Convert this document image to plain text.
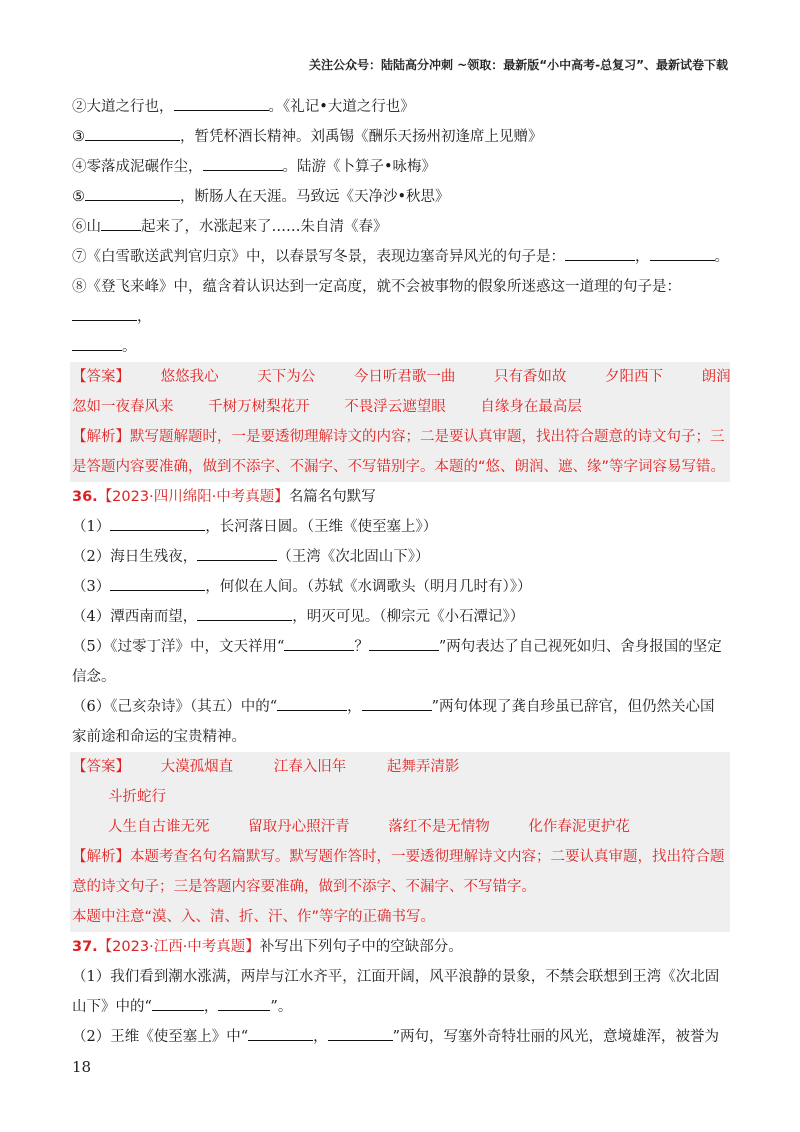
关注公众号：陆陆高分冲刺 ~领取：最新版“小中高考-总复习”、最新试卷下载
②大道之行也，	。《礼记•大道之行也》
③	，暂凭杯酒长精神。刘禹锡《酬乐天扬州初逢席上见赠》
④零落成泥碾作尘，	。陆游《卜算子•咏梅》
⑤	，断肠人在天涯。马致远《天净沙•秋思》
⑥山	起来了，水涨起来了……朱自清《春》
⑦《白雪歌送武判官归京》中，以春景写冬景，表现边塞奇异风光的句子是：	，	。
⑧《登飞来峰》中，蕴含着认识达到一定高度，就不会被事物的假象所迷惑这一道理的句子是：，
。
【答案】 悠悠我心	天下为公	今日听君歌一曲	只有香如故	夕阳西下	朗润
忽如一夜春风来 千树万树梨花开 不畏浮云遮望眼 自缘身在最高层
【解析】默写题解题时，一是要透彻理解诗文的内容；二是要认真审题，找出符合题意的诗文句子；三是答题内容要准确，做到不添字、不漏字、不写错别字。本题的“悠、朗润、遮、缘”等字词容易写错。
36.【2023·四川绵阳·中考真题】名篇名句默写
（1）	，长河落日圆。（王维《使至塞上》）
（2）海日生残夜，	（王湾《次北固山下》）
（3）	，何似在人间。（苏轼《水调歌头（明月几时有）》）
（4）潭西南而望，	，明灭可见。（柳宗元《小石潭记》）
（5）《过零丁洋》中，文天祥用“	？	”两句表达了自己视死如归、舍身报国的坚定信念。
（6）《己亥杂诗》（其五）中的“	，	”两句体现了龚自珍虽已辞官，但仍然关心国家前途和命运的宝贵精神。
【答案】 大漠孤烟直	江春入旧年	起舞弄清影
斗折蛇行
人生自古谁无死	留取丹心照汗青	落红不是无情物	化作春泥更护花
【解析】本题考查名句名篇默写。默写题作答时，一要透彻理解诗文内容；二要认真审题，找出符合题意的诗文句子；三是答题内容要准确，做到不添字、不漏字、不写错字。
本题中注意“漠、入、清、折、汗、作”等字的正确书写。
37.【2023·江西·中考真题】补写出下列句子中的空缺部分。
（1）我们看到潮水涨满，两岸与江水齐平，江面开阔，风平浪静的景象，不禁会联想到王湾《次北固山下》中的“	，	”。
（2）王维《使至塞上》中“	，	”两句，写塞外奇特壮丽的风光，意境雄浑，被誉为
18
